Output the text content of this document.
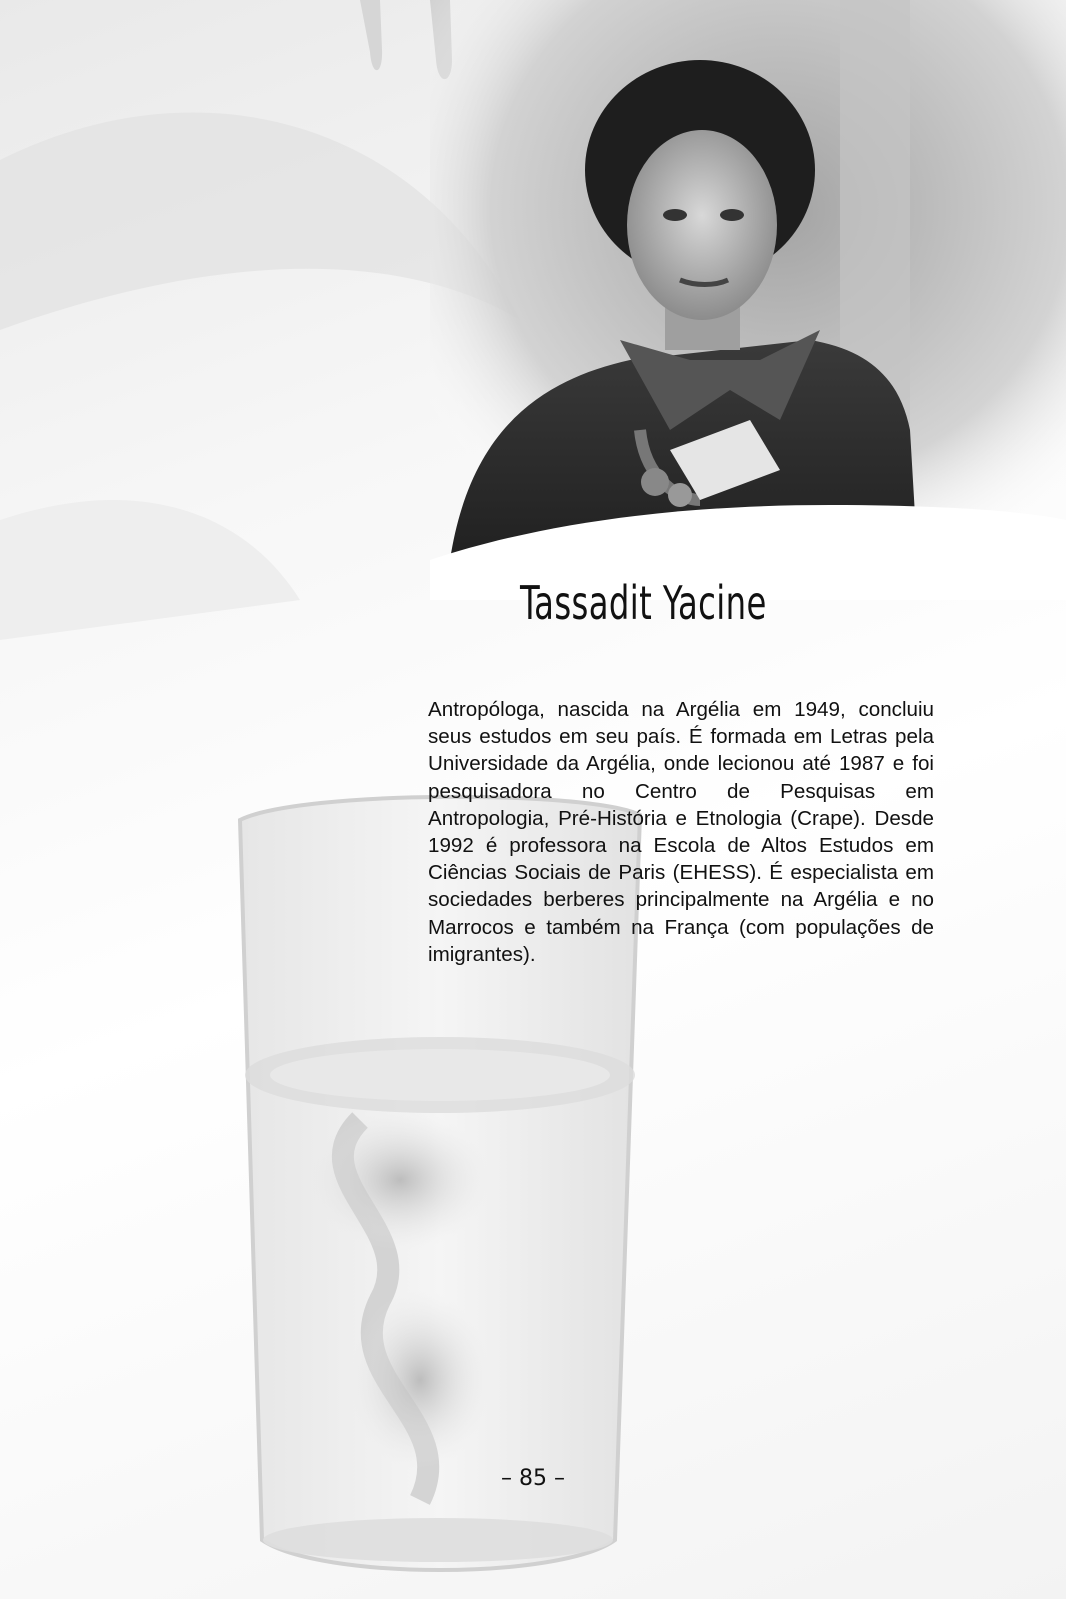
Tassadit Yacine

Antropóloga, nascida na Argélia em 1949, concluiu seus estudos em seu país. É formada em Letras pela Universidade da Argélia, onde lecionou até 1987 e foi pesquisadora no Centro de Pesquisas em Antropologia, Pré-História e Etnologia (Crape). Desde 1992 é professora na Escola de Altos Estudos em Ciências Sociais de Paris (EHESS). É especialista em sociedades berberes principalmente na Argélia e no Marrocos e também na França (com populações de imigrantes).

– 85 –
